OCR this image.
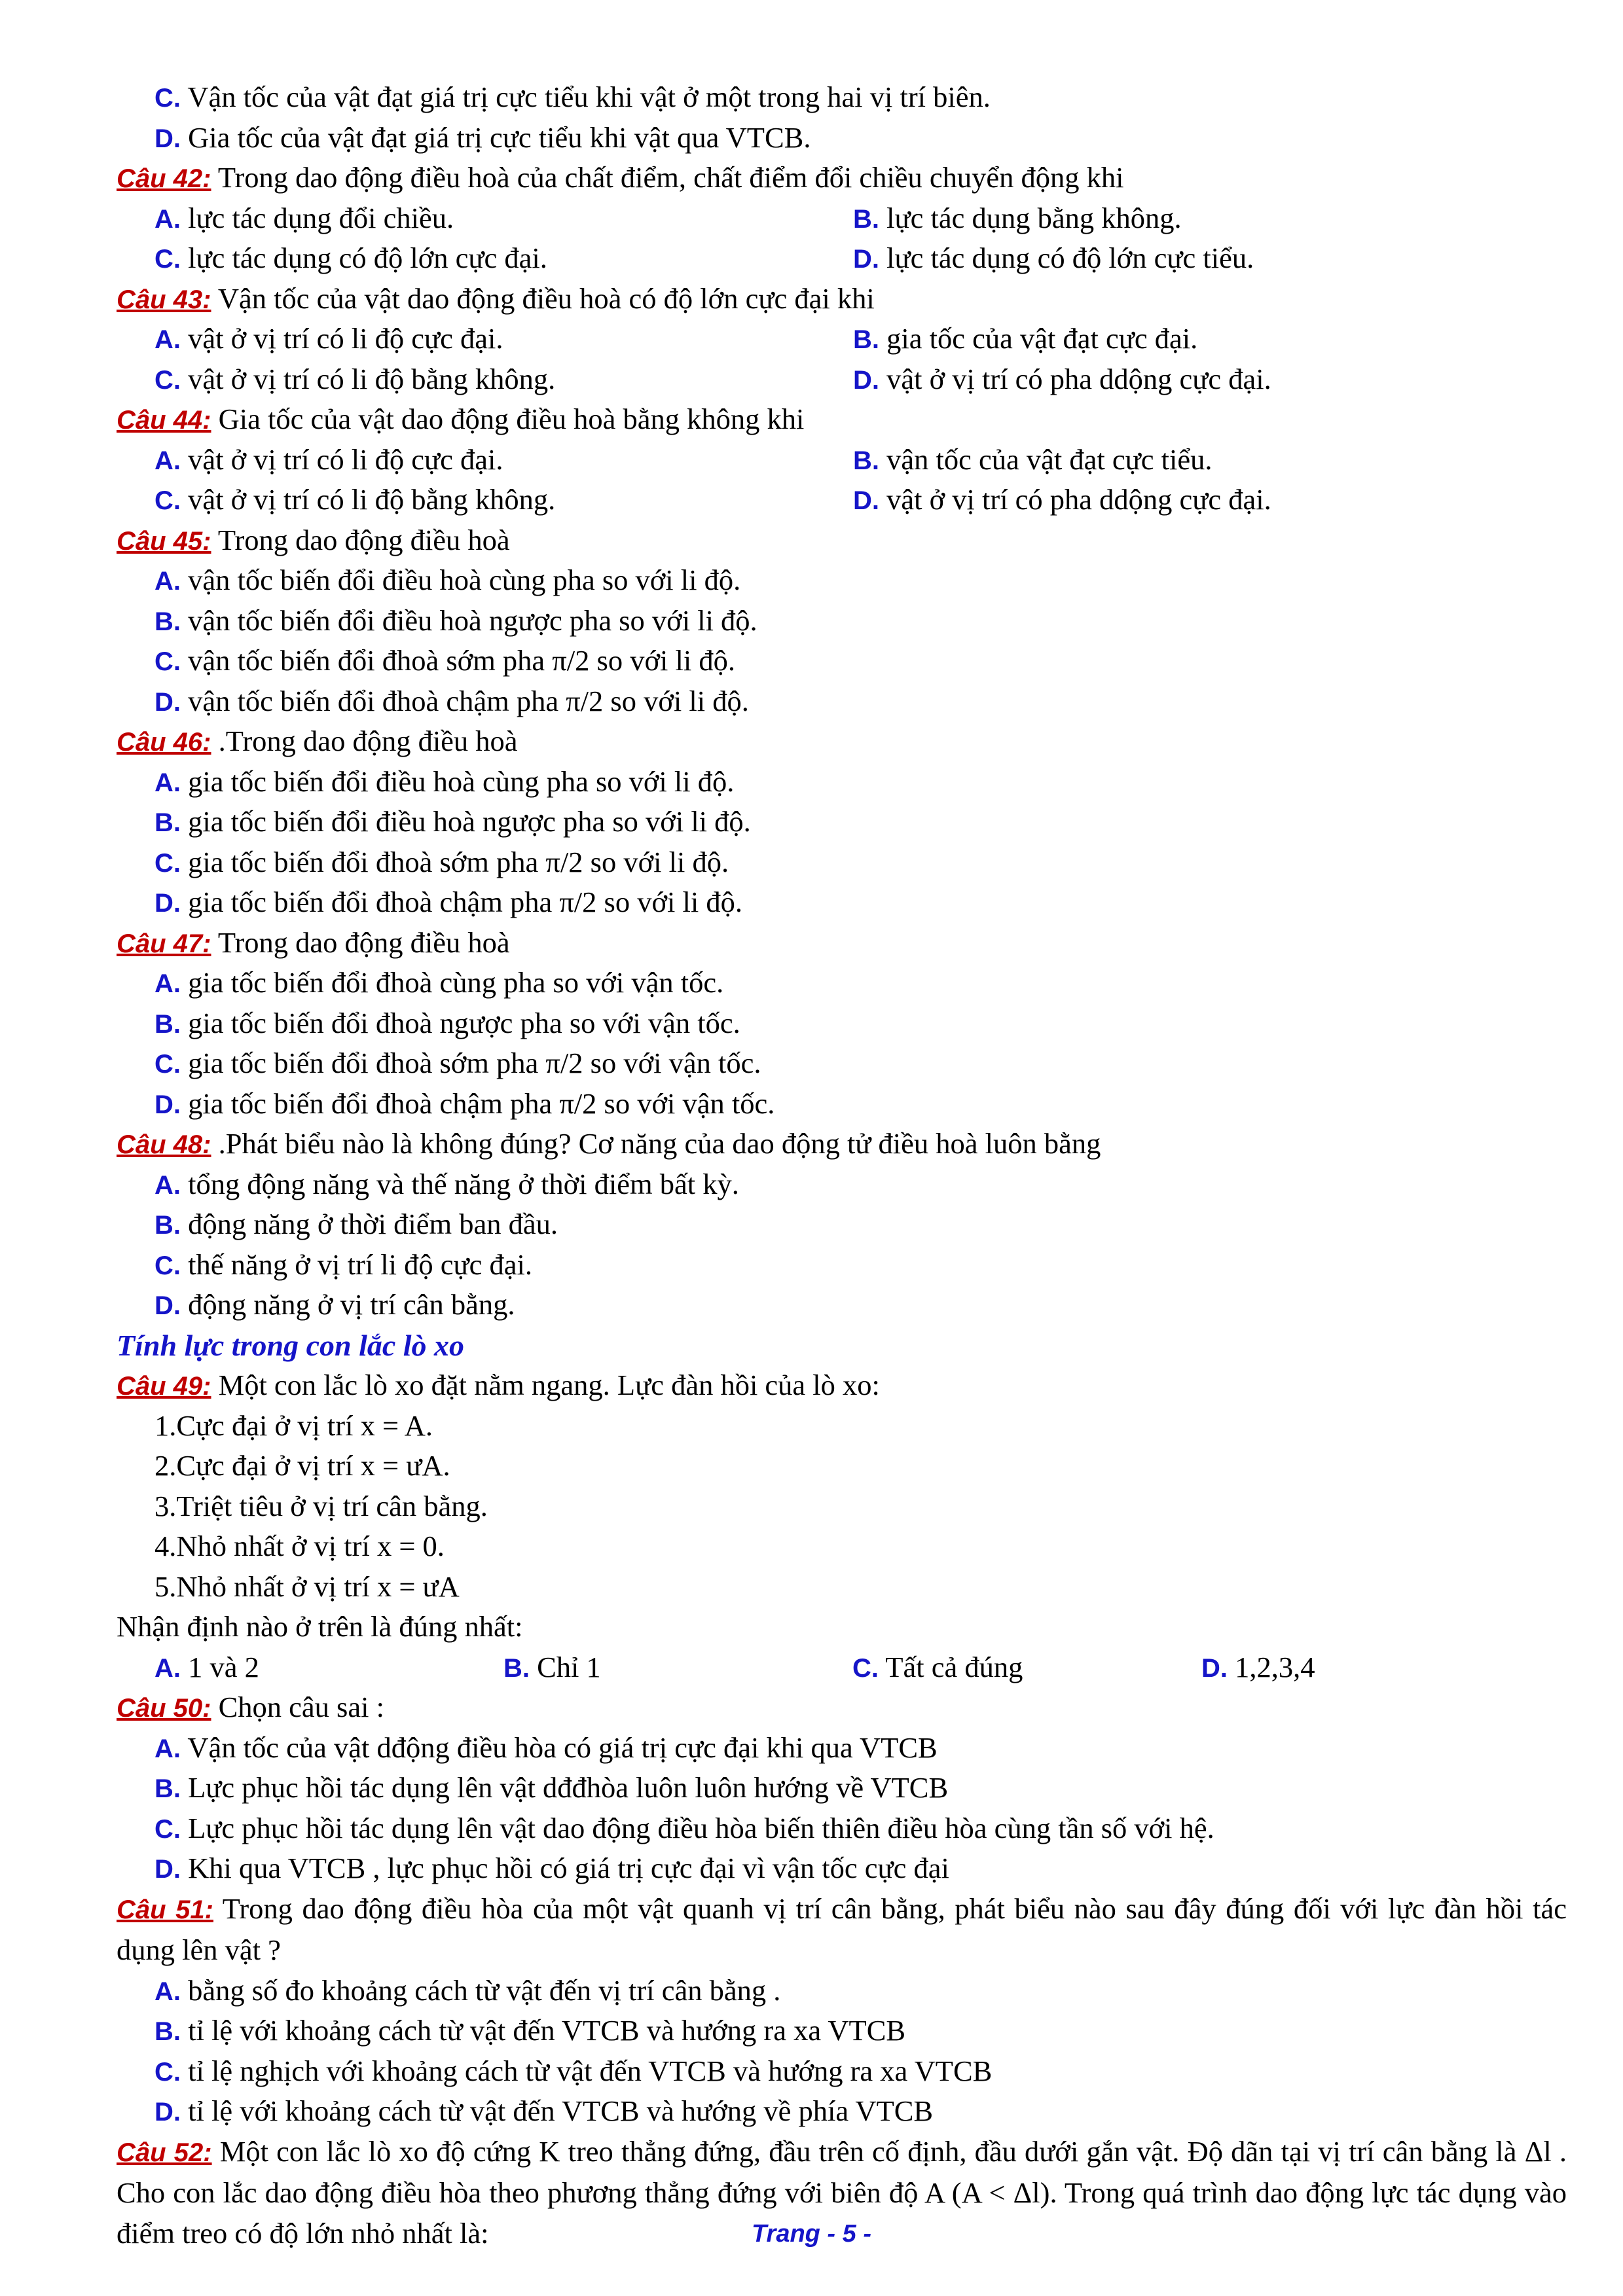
C. Vận tốc của vật đạt giá trị cực tiểu khi vật ở một trong hai vị trí biên.
D. Gia tốc của vật đạt giá trị cực tiểu khi vật qua VTCB.
Câu 42: Trong dao động điều hoà của chất điểm, chất điểm đổi chiều chuyển động khi
A. lực tác dụng đổi chiều.	B. lực tác dụng bằng không.
C. lực tác dụng có độ lớn cực đại.	D. lực tác dụng có độ lớn cực tiểu.
Câu 43: Vận tốc của vật dao động điều hoà có độ lớn cực đại khi
A. vật ở vị trí có li độ cực đại.	B. gia tốc của vật đạt cực đại.
C. vật ở vị trí có li độ bằng không.	D. vật ở vị trí có pha ddộng cực đại.
Câu 44: Gia tốc của vật dao động điều hoà bằng không khi
A. vật ở vị trí có li độ cực đại.	B. vận tốc của vật đạt cực tiểu.
C. vật ở vị trí có li độ bằng không.	D. vật ở vị trí có pha ddộng cực đại.
Câu 45: Trong dao động điều hoà
A. vận tốc biến đổi điều hoà cùng pha so với li độ.
B. vận tốc biến đổi điều hoà ngược pha so với li độ.
C. vận tốc biến đổi đhoà sớm pha π/2 so với li độ.
D. vận tốc biến đổi đhoà chậm pha π/2 so với li độ.
Câu 46: .Trong dao động điều hoà
A. gia tốc biến đổi điều hoà cùng pha so với li độ.
B. gia tốc biến đổi điều hoà ngược pha so với li độ.
C. gia tốc biến đổi đhoà sớm pha π/2 so với li độ.
D. gia tốc biến đổi đhoà chậm pha π/2 so với li độ.
Câu 47: Trong dao động điều hoà
A. gia tốc biến đổi đhoà cùng pha so với vận tốc.
B. gia tốc biến đổi đhoà ngược pha so với vận tốc.
C. gia tốc biến đổi đhoà sớm pha π/2 so với vận tốc.
D. gia tốc biến đổi đhoà chậm pha π/2 so với vận tốc.
Câu 48: .Phát biểu nào là không đúng? Cơ năng của dao động tử điều hoà luôn bằng
A. tổng động năng và thế năng ở thời điểm bất kỳ.
B. động năng ở thời điểm ban đầu.
C. thế năng ở vị trí li độ cực đại.
D. động năng ở vị trí cân bằng.
Tính lực trong con lắc lò xo
Câu 49: Một con lắc lò xo đặt nằm ngang. Lực đàn hồi của lò xo:
1.Cực đại ở vị trí x = A.
2.Cực đại ở vị trí x = ưA.
3.Triệt tiêu ở vị trí cân bằng.
4.Nhỏ nhất ở vị trí x = 0.
5.Nhỏ nhất ở vị trí x = ưA
Nhận định nào ở trên là đúng nhất:
A. 1 và 2	B. Chỉ 1	C. Tất cả đúng	D. 1,2,3,4
Câu 50: Chọn câu sai :
A. Vận tốc của vật dđộng điều hòa có giá trị cực đại khi qua VTCB
B. Lực phục hồi tác dụng lên vật dđđhòa luôn luôn hướng về VTCB
C. Lực phục hồi tác dụng lên vật dao động điều hòa biến thiên điều hòa cùng tần số với hệ.
D. Khi qua VTCB , lực phục hồi có giá trị cực đại vì vận tốc cực đại
Câu 51: Trong dao động điều hòa của một vật quanh vị trí cân bằng, phát biểu nào sau đây đúng đối với lực đàn hồi tác dụng lên vật ?
A. bằng số đo khoảng cách từ vật đến vị trí cân bằng .
B. tỉ lệ với khoảng cách từ vật đến VTCB và hướng ra xa VTCB
C. tỉ lệ nghịch với khoảng cách từ vật đến VTCB và hướng ra xa VTCB
D. tỉ lệ với khoảng cách từ vật đến VTCB và hướng về phía VTCB
Câu 52: Một con lắc lò xo độ cứng K treo thẳng đứng, đầu trên cố định, đầu dưới gắn vật. Độ dãn tại vị trí cân bằng là Δl . Cho con lắc dao động điều hòa theo phương thẳng đứng với biên độ A (A < Δl). Trong quá trình dao động lực tác dụng vào điểm treo có độ lớn nhỏ nhất là:	Trang - 5 -
